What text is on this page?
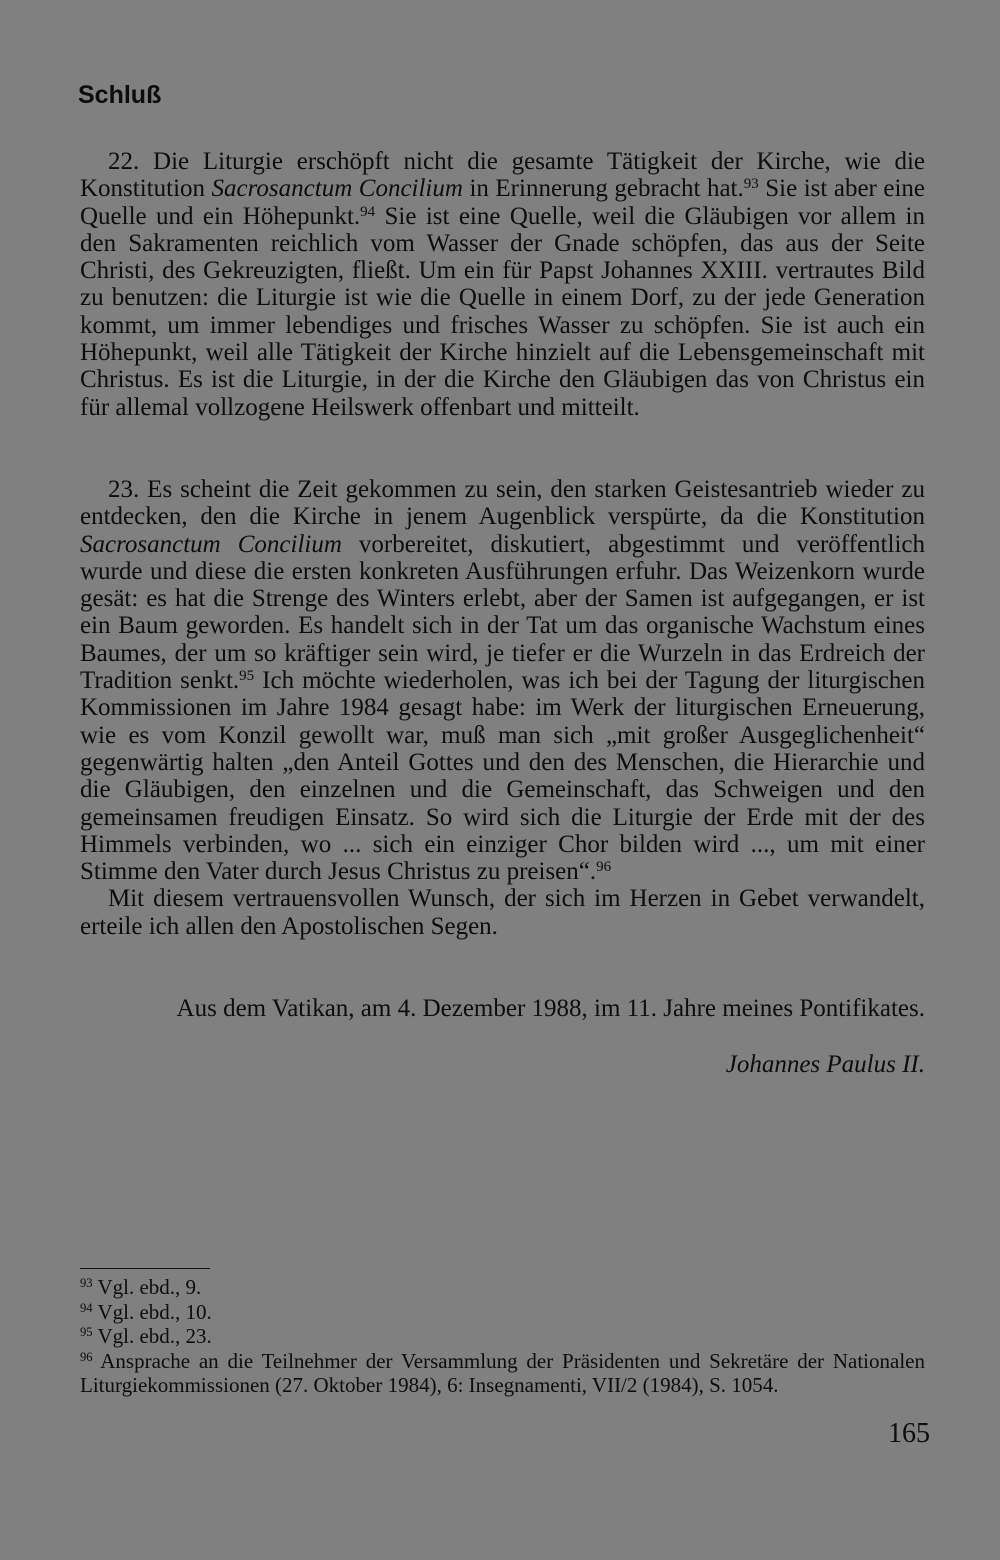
Schluß

22. Die Liturgie erschöpft nicht die gesamte Tätigkeit der Kirche, wie die Konstitution Sacrosanctum Concilium in Erinnerung gebracht hat.$^{93}$ Sie ist aber eine Quelle und ein Höhepunkt.$^{94}$ Sie ist eine Quelle, weil die Gläubigen vor allem in den Sakramenten reichlich vom Wasser der Gnade schöpfen, das aus der Seite Christi, des Gekreuzigten, fließt. Um ein für Papst Johannes XXIII. vertrautes Bild zu benutzen: die Liturgie ist wie die Quelle in einem Dorf, zu der jede Generation kommt, um immer lebendiges und frisches Wasser zu schöpfen. Sie ist auch ein Höhepunkt, weil alle Tätigkeit der Kirche hinzielt auf die Lebensgemeinschaft mit Christus. Es ist die Liturgie, in der die Kirche den Gläubigen das von Christus ein für allemal vollzogene Heilswerk offenbart und mitteilt.

23. Es scheint die Zeit gekommen zu sein, den starken Geistesantrieb wieder zu entdecken, den die Kirche in jenem Augenblick verspürte, da die Konstitution Sacrosanctum Concilium vorbereitet, diskutiert, abgestimmt und veröffentlich wurde und diese die ersten konkreten Ausführungen erfuhr. Das Weizenkorn wurde gesät: es hat die Strenge des Winters erlebt, aber der Samen ist aufgegangen, er ist ein Baum geworden. Es handelt sich in der Tat um das organische Wachstum eines Baumes, der um so kräftiger sein wird, je tiefer er die Wurzeln in das Erdreich der Tradition senkt.$^{95}$ Ich möchte wiederholen, was ich bei der Tagung der liturgischen Kommissionen im Jahre 1984 gesagt habe: im Werk der liturgischen Erneuerung, wie es vom Konzil gewollt war, muß man sich „mit großer Ausgeglichenheit“ gegenwärtig halten „den Anteil Gottes und den des Menschen, die Hierarchie und die Gläubigen, den einzelnen und die Gemeinschaft, das Schweigen und den gemeinsamen freudigen Einsatz. So wird sich die Liturgie der Erde mit der des Himmels verbinden, wo ... sich ein einziger Chor bilden wird ..., um mit einer Stimme den Vater durch Jesus Christus zu preisen“.$^{96}$

Mit diesem vertrauensvollen Wunsch, der sich im Herzen in Gebet verwandelt, erteile ich allen den Apostolischen Segen.

Aus dem Vatikan, am 4. Dezember 1988, im 11. Jahre meines Pontifikates.

Johannes Paulus II.

$^{93}$ Vgl. ebd., 9.

$^{94}$ Vgl. ebd., 10.

$^{95}$ Vgl. ebd., 23.

$^{96}$ Ansprache an die Teilnehmer der Versammlung der Präsidenten und Sekretäre der Nationalen Liturgiekommissionen (27. Oktober 1984), 6: Insegnamenti, VII/2 (1984), S. 1054.

165
